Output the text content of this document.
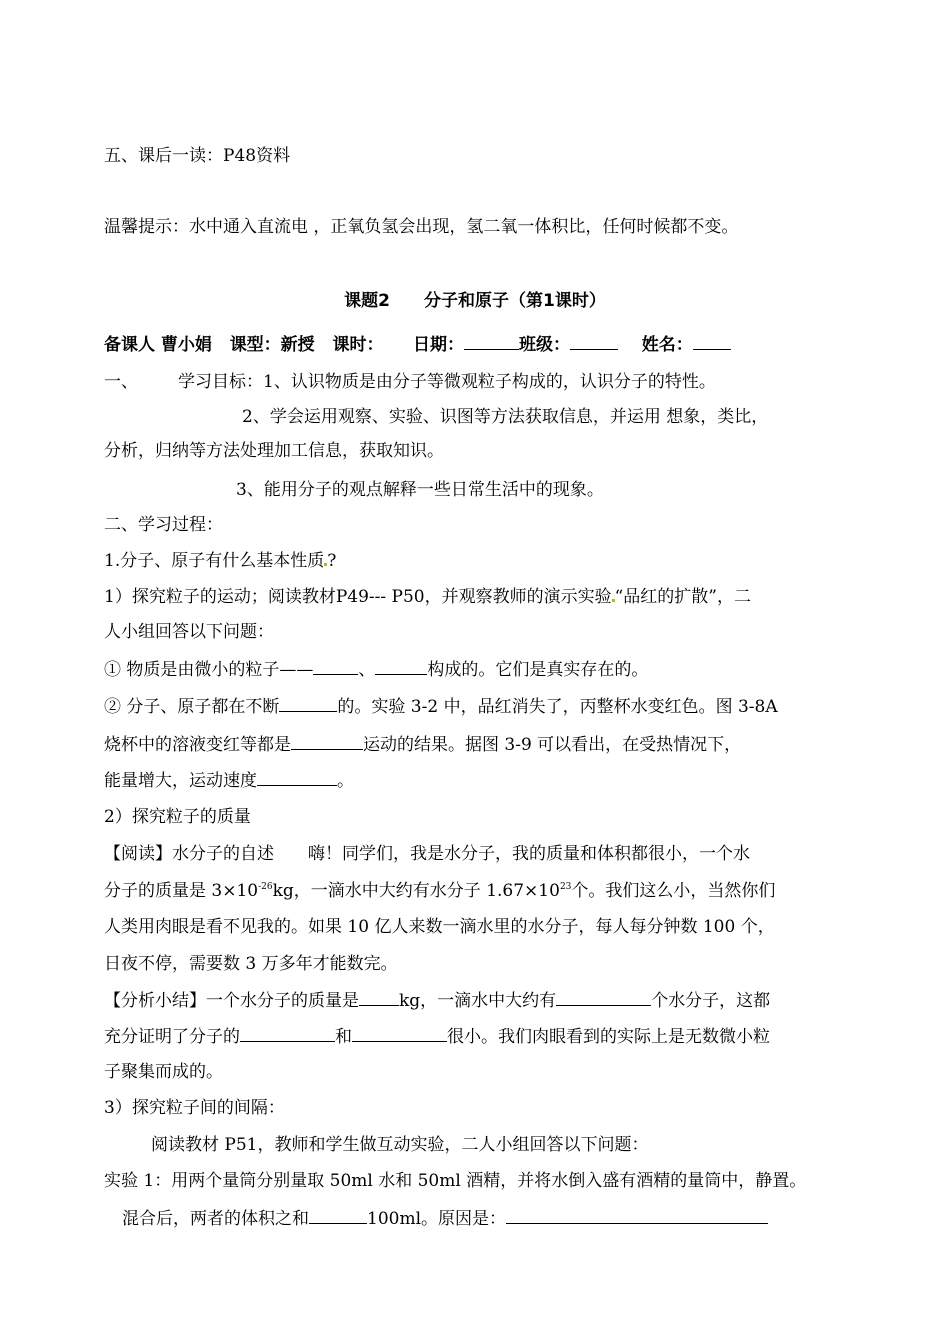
五、课后一读：P48资料
温馨提示：水中通入直流电 ，正氧负氢会出现，氢二氧一体积比，任何时候都不变。
课题2　　分子和原子（第1课时）
备课人 曹小娟 课型：新授 课时： 日期：	班级：	姓名：
一、 学习目标：1、认识物质是由分子等微观粒子构成的，认识分子的特性。
2、学会运用观察、实验、识图等方法获取信息，并运用 想象，类比，
分析，归纳等方法处理加工信息，获取知识。
3、能用分子的观点解释一些日常生活中的现象。
二、学习过程：
1.分子、原子有什么基本性质 ?
1）探究粒子的运动；阅读教材P49--- P50，并观察教师的演示实验 “品红的扩散”，二
人小组回答以下问题：
① 物质是由微小的粒子——	、	构成的。它们是真实存在的。
② 分子、原子都在不断	的。实验 3-2 中，品红消失了，丙整杯水变红色。图 3-8A
烧杯中的溶液变红等都是	运动的结果。据图 3-9 可以看出，在受热情况下，
能量增大，运动速度	。
2）探究粒子的质量
【阅读】水分子的自述　　嗨！同学们，我是水分子，我的质量和体积都很小，一个水
分子的质量是 $3\times 10^{-26}kg$，一滴水中大约有水分子 $1.67\times 10^{23}$个。我们这么小，当然你们
人类用肉眼是看不见我的。如果 10 亿人来数一滴水里的水分子，每人每分钟数 100 个，
日夜不停，需要数 3 万多年才能数完。
【分析小结】一个水分子的质量是 kg，一滴水中大约有	个水分子，这都
充分证明了分子的	和	很小。我们肉眼看到的实际上是无数微小粒
子聚集而成的。
3）探究粒子间的间隔：
阅读教材 P51，教师和学生做互动实验，二人小组回答以下问题：
实验 1：用两个量筒分别量取 50ml 水和 50ml 酒精，并将水倒入盛有酒精的量筒中，静置。
混合后，两者的体积之和	100ml。原因是：
